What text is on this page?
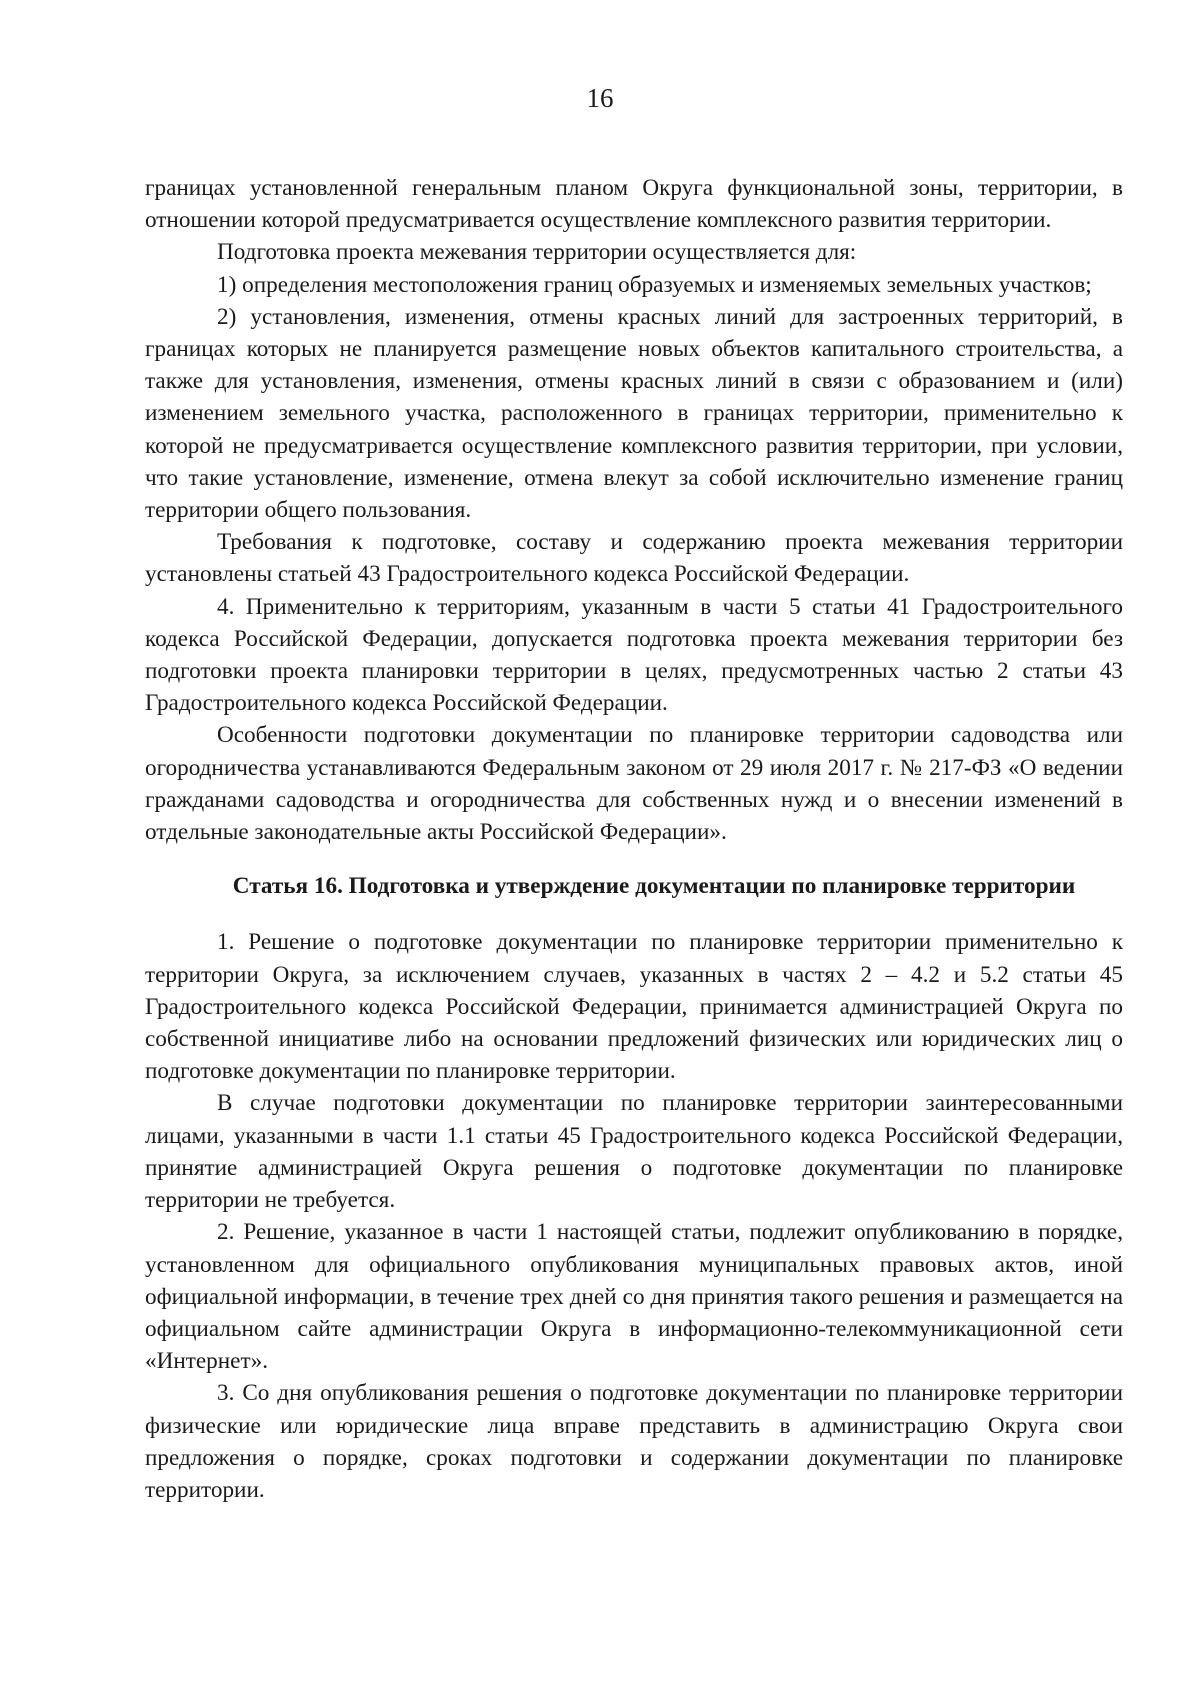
16

границах установленной генеральным планом Округа функциональной зоны, территории, в отношении которой предусматривается осуществление комплексного развития территории.

Подготовка проекта межевания территории осуществляется для:

1) определения местоположения границ образуемых и изменяемых земельных участков;

2) установления, изменения, отмены красных линий для застроенных территорий, в границах которых не планируется размещение новых объектов капитального строительства, а также для установления, изменения, отмены красных линий в связи с образованием и (или) изменением земельного участка, расположенного в границах территории, применительно к которой не предусматривается осуществление комплексного развития территории, при условии, что такие установление, изменение, отмена влекут за собой исключительно изменение границ территории общего пользования.

Требования к подготовке, составу и содержанию проекта межевания территории установлены статьей 43 Градостроительного кодекса Российской Федерации.

4. Применительно к территориям, указанным в части 5 статьи 41 Градостроительного кодекса Российской Федерации, допускается подготовка проекта межевания территории без подготовки проекта планировки территории в целях, предусмотренных частью 2 статьи 43 Градостроительного кодекса Российской Федерации.

Особенности подготовки документации по планировке территории садоводства или огородничества устанавливаются Федеральным законом от 29 июля 2017 г. № 217-ФЗ «О ведении гражданами садоводства и огородничества для собственных нужд и о внесении изменений в отдельные законодательные акты Российской Федерации».

Статья 16. Подготовка и утверждение документации по планировке территории

1. Решение о подготовке документации по планировке территории применительно к территории Округа, за исключением случаев, указанных в частях 2 – 4.2 и 5.2 статьи 45 Градостроительного кодекса Российской Федерации, принимается администрацией Округа по собственной инициативе либо на основании предложений физических или юридических лиц о подготовке документации по планировке территории.

В случае подготовки документации по планировке территории заинтересованными лицами, указанными в части 1.1 статьи 45 Градостроительного кодекса Российской Федерации, принятие администрацией Округа решения о подготовке документации по планировке территории не требуется.

2. Решение, указанное в части 1 настоящей статьи, подлежит опубликованию в порядке, установленном для официального опубликования муниципальных правовых актов, иной официальной информации, в течение трех дней со дня принятия такого решения и размещается на официальном сайте администрации Округа в информационно-телекоммуникационной сети «Интернет».

3. Со дня опубликования решения о подготовке документации по планировке территории физические или юридические лица вправе представить в администрацию Округа свои предложения о порядке, сроках подготовки и содержании документации по планировке территории.
